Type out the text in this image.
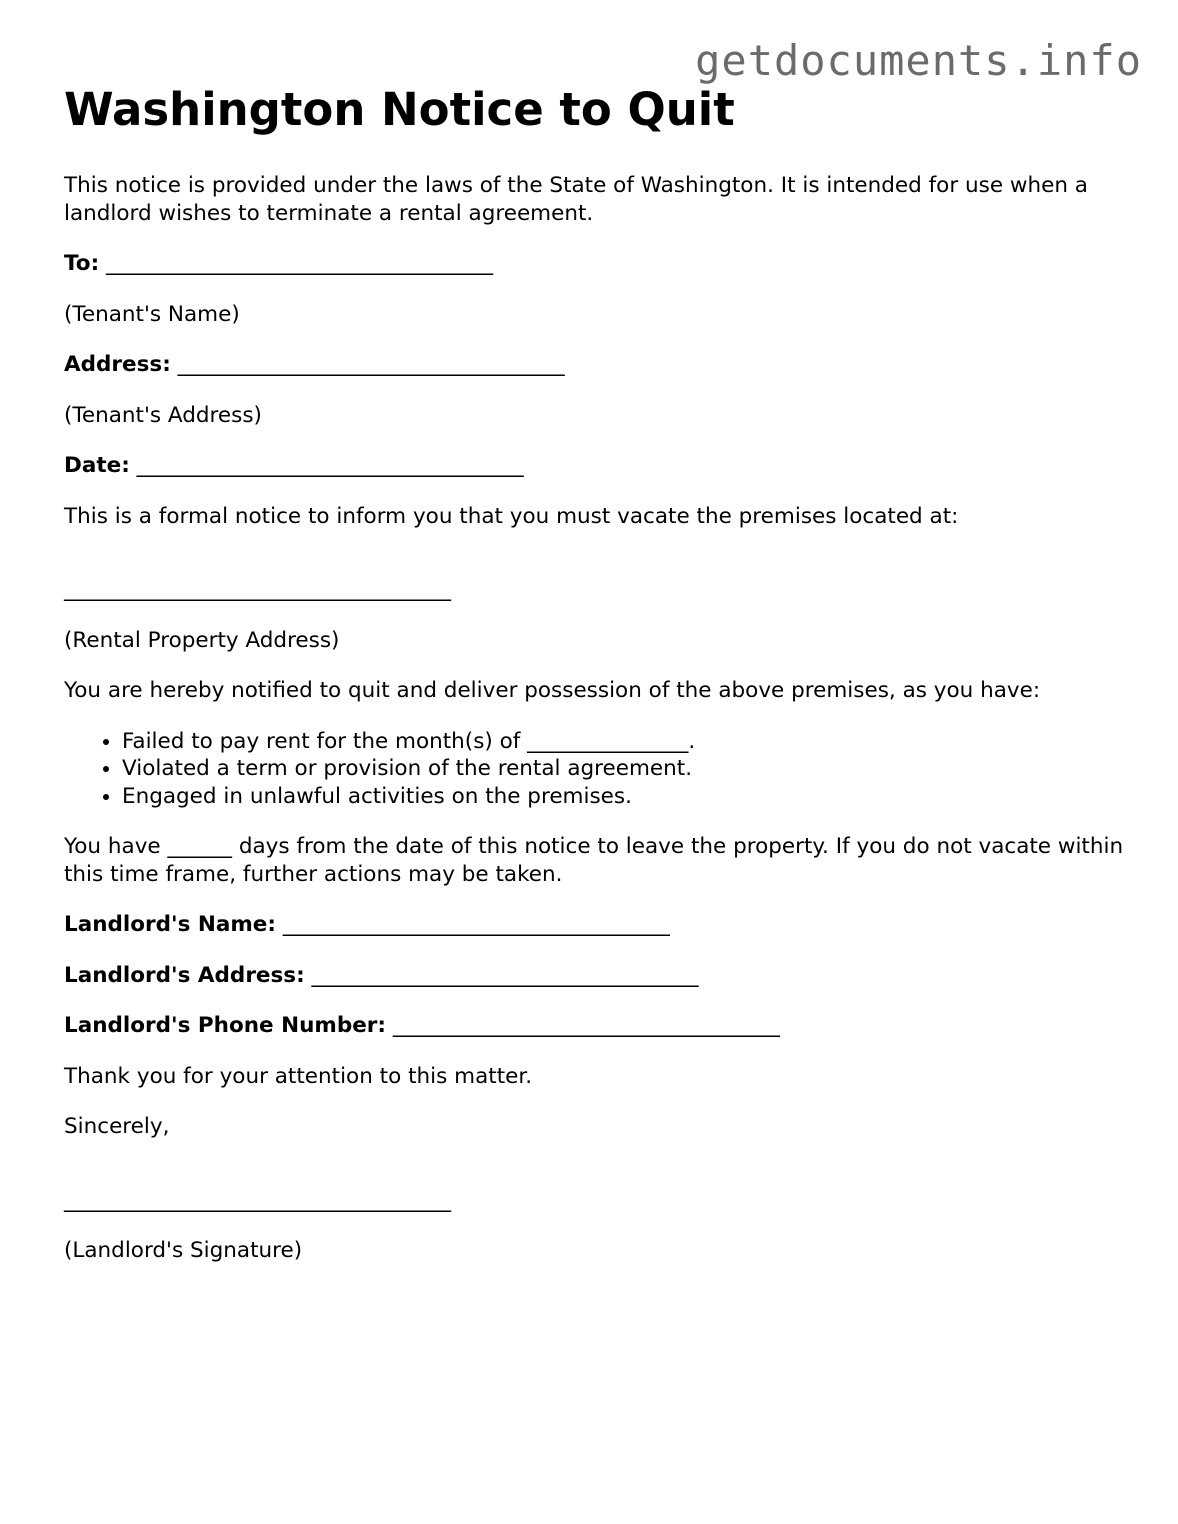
getdocuments.info
Washington Notice to Quit

This notice is provided under the laws of the State of Washington. It is intended for use when a landlord wishes to terminate a rental agreement.

To: ____________________________________

(Tenant's Name)

Address: ____________________________________

(Tenant's Address)

Date: ____________________________________

This is a formal notice to inform you that you must vacate the premises located at:

____________________________________

(Rental Property Address)

You are hereby notified to quit and deliver possession of the above premises, as you have:

• Failed to pay rent for the month(s) of _______________.
• Violated a term or provision of the rental agreement.
• Engaged in unlawful activities on the premises.

You have ______ days from the date of this notice to leave the property. If you do not vacate within this time frame, further actions may be taken.

Landlord's Name: ____________________________________

Landlord's Address: ____________________________________

Landlord's Phone Number: ____________________________________

Thank you for your attention to this matter.

Sincerely,

____________________________________

(Landlord's Signature)
